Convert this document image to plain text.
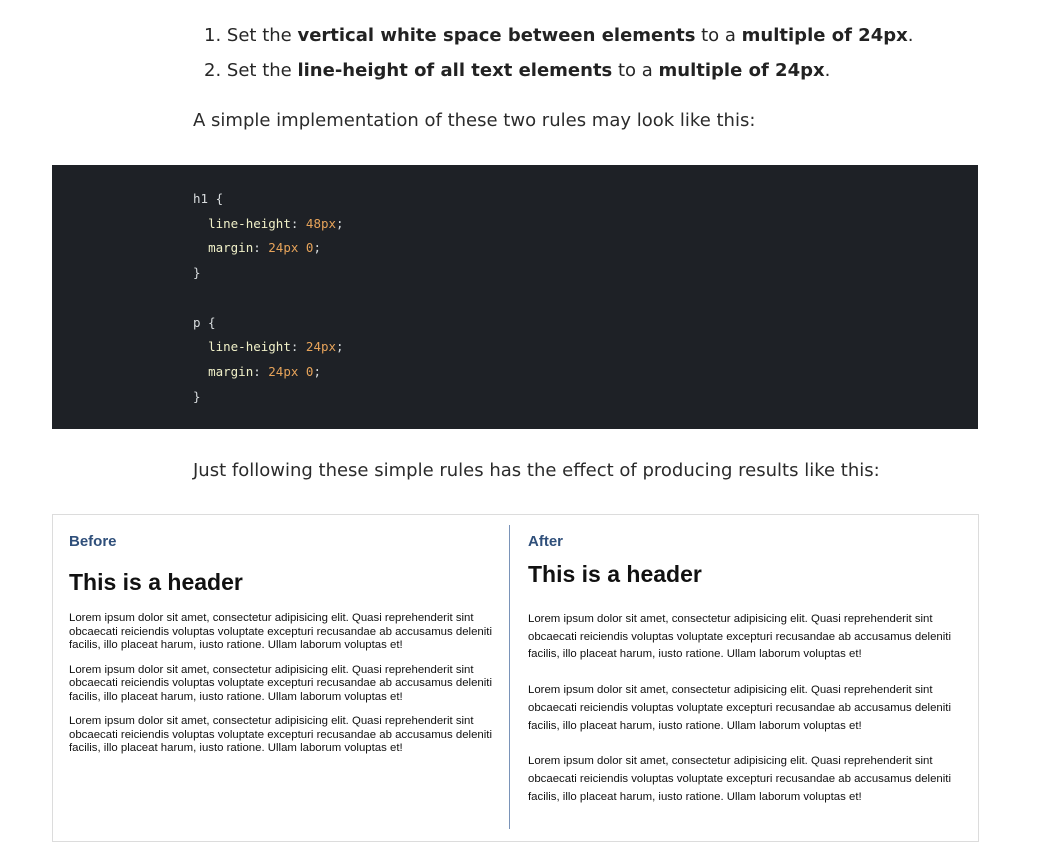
1. Set the vertical white space between elements to a multiple of 24px.
2. Set the line-height of all text elements to a multiple of 24px.

A simple implementation of these two rules may look like this:

h1 {
line-height: 48px;
margin: 24px 0;
}

p {
line-height: 24px;
margin: 24px 0;
}

Just following these simple rules has the effect of producing results like this:

Before
This is a header

Lorem ipsum dolor sit amet, consectetur adipisicing elit. Quasi reprehenderit sint obcaecati reiciendis voluptas voluptate excepturi recusandae ab accusamus deleniti facilis, illo placeat harum, iusto ratione. Ullam laborum voluptas et!

Lorem ipsum dolor sit amet, consectetur adipisicing elit. Quasi reprehenderit sint obcaecati reiciendis voluptas voluptate excepturi recusandae ab accusamus deleniti facilis, illo placeat harum, iusto ratione. Ullam laborum voluptas et!

Lorem ipsum dolor sit amet, consectetur adipisicing elit. Quasi reprehenderit sint obcaecati reiciendis voluptas voluptate excepturi recusandae ab accusamus deleniti facilis, illo placeat harum, iusto ratione. Ullam laborum voluptas et!

After
This is a header

Lorem ipsum dolor sit amet, consectetur adipisicing elit. Quasi reprehenderit sint obcaecati reiciendis voluptas voluptate excepturi recusandae ab accusamus deleniti facilis, illo placeat harum, iusto ratione. Ullam laborum voluptas et!

Lorem ipsum dolor sit amet, consectetur adipisicing elit. Quasi reprehenderit sint obcaecati reiciendis voluptas voluptate excepturi recusandae ab accusamus deleniti facilis, illo placeat harum, iusto ratione. Ullam laborum voluptas et!

Lorem ipsum dolor sit amet, consectetur adipisicing elit. Quasi reprehenderit sint obcaecati reiciendis voluptas voluptate excepturi recusandae ab accusamus deleniti facilis, illo placeat harum, iusto ratione. Ullam laborum voluptas et!
